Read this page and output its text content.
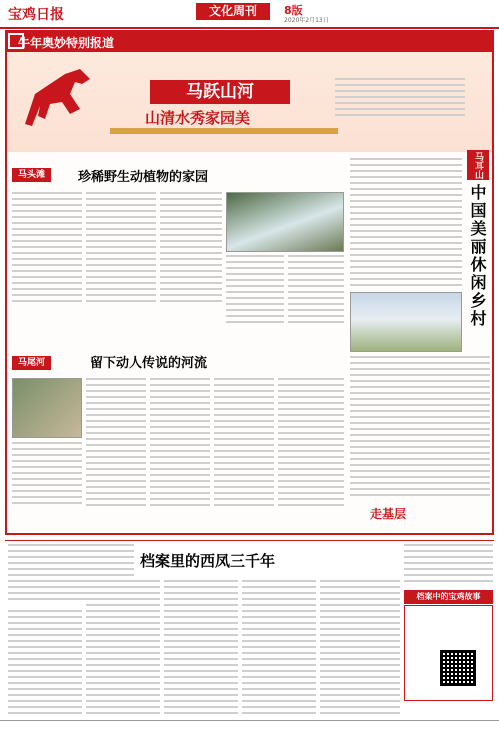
宝鸡日报	文化周刊	8版
2020年2月13日
牛年奥妙特别报道
马跃山河
山清水秀家园美
马头滩	珍稀野生动植物的家园	马耳山
中国美丽休闲乡村
马尾河	留下动人传说的河流
走基层
档案里的西凤三千年
档案中的宝鸡故事
